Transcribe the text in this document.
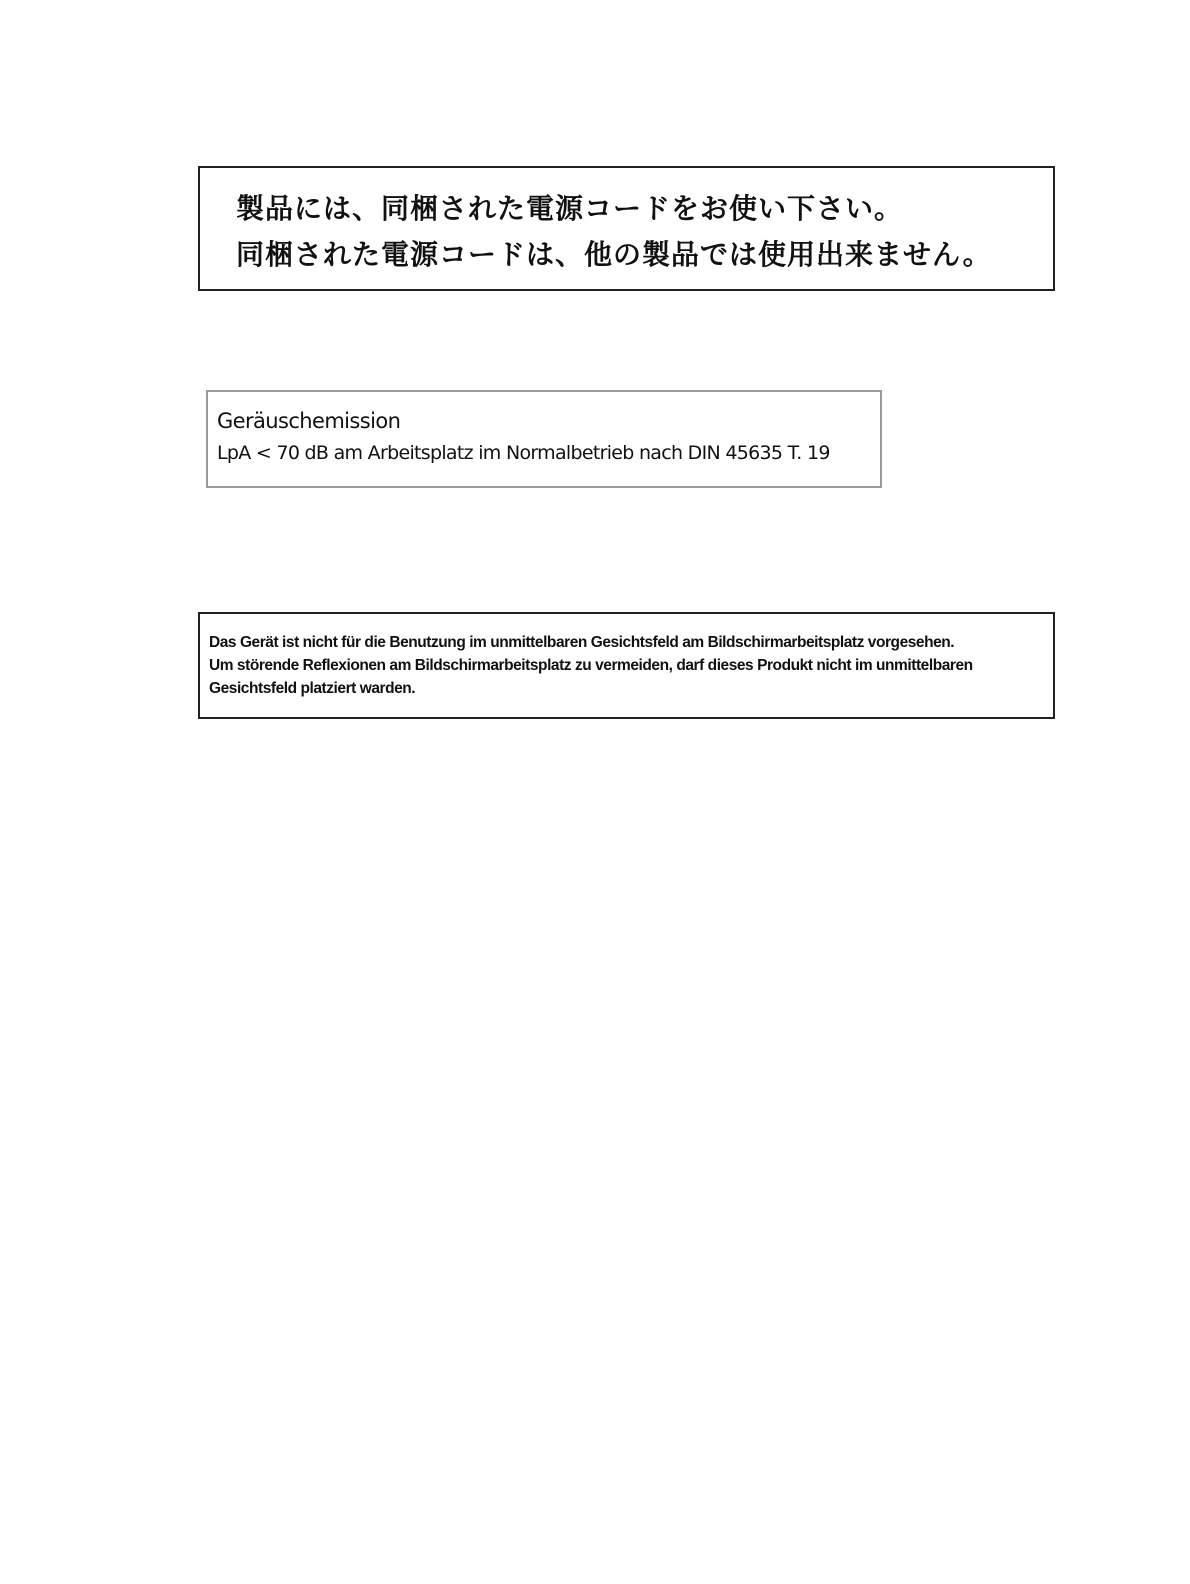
製品には、同梱された電源コードをお使い下さい。
同梱された電源コードは、他の製品では使用出来ません。
Geräuschemission
LpA < 70 dB am Arbeitsplatz im Normalbetrieb nach DIN 45635 T. 19
Das Gerät ist nicht für die Benutzung im unmittelbaren Gesichtsfeld am Bildschirmarbeitsplatz vorgesehen.
Um störende Reflexionen am Bildschirmarbeitsplatz zu vermeiden, darf dieses Produkt nicht im unmittelbaren
Gesichtsfeld platziert warden.
